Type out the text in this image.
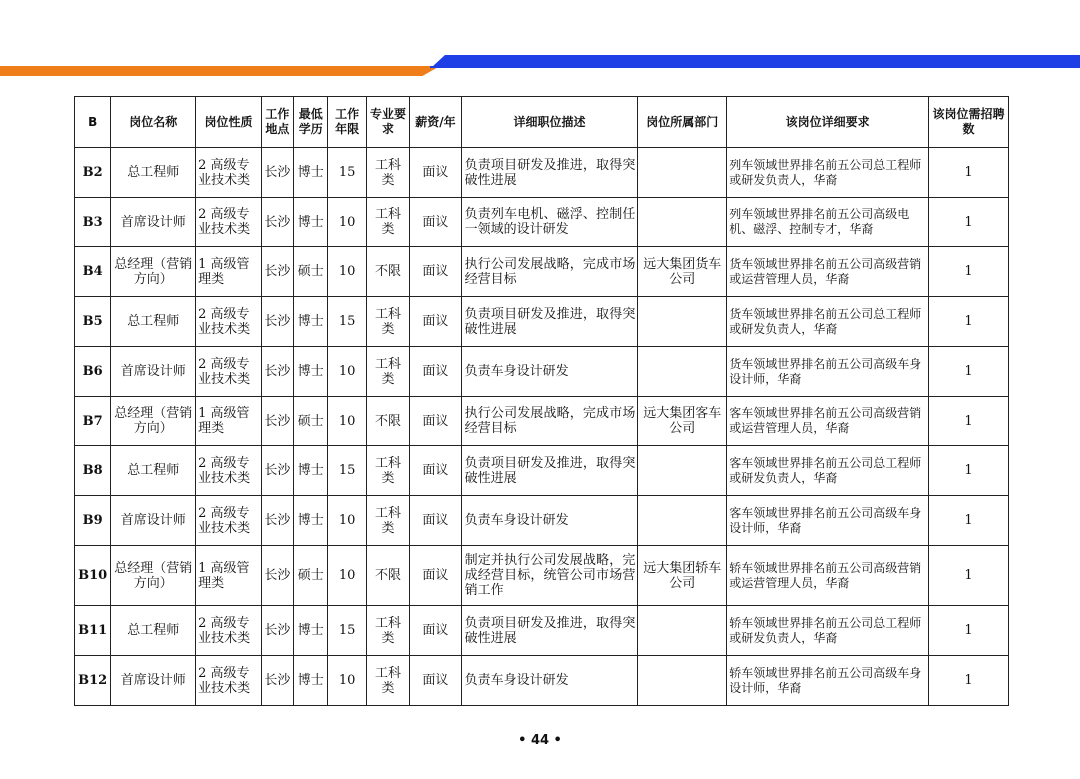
B	岗位名称	岗位性质	工作地点	最低学历	工作年限	专业要求	薪资/年	详细职位描述	岗位所属部门	该岗位详细要求	该岗位需招聘数
B2	总工程师	2 高级专业技术类	长沙	博士	15	工科类	面议	负责项目研发及推进，取得突破性进展		列车领域世界排名前五公司总工程师或研发负责人，华裔	1
B3	首席设计师	2 高级专业技术类	长沙	博士	10	工科类	面议	负责列车电机、磁浮、控制任一领域的设计研发		列车领域世界排名前五公司高级电机、磁浮、控制专才，华裔	1
B4	总经理（营销方向）	1 高级管理类	长沙	硕士	10	不限	面议	执行公司发展战略，完成市场经营目标	远大集团货车公司	货车领域世界排名前五公司高级营销或运营管理人员，华裔	1
B5	总工程师	2 高级专业技术类	长沙	博士	15	工科类	面议	负责项目研发及推进，取得突破性进展		货车领域世界排名前五公司总工程师或研发负责人，华裔	1
B6	首席设计师	2 高级专业技术类	长沙	博士	10	工科类	面议	负责车身设计研发		货车领域世界排名前五公司高级车身设计师，华裔	1
B7	总经理（营销方向）	1 高级管理类	长沙	硕士	10	不限	面议	执行公司发展战略，完成市场经营目标	远大集团客车公司	客车领域世界排名前五公司高级营销或运营管理人员，华裔	1
B8	总工程师	2 高级专业技术类	长沙	博士	15	工科类	面议	负责项目研发及推进，取得突破性进展		客车领域世界排名前五公司总工程师或研发负责人，华裔	1
B9	首席设计师	2 高级专业技术类	长沙	博士	10	工科类	面议	负责车身设计研发		客车领域世界排名前五公司高级车身设计师，华裔	1
B10	总经理（营销方向）	1 高级管理类	长沙	硕士	10	不限	面议	制定并执行公司发展战略，完成经营目标，统管公司市场营销工作	远大集团轿车公司	轿车领域世界排名前五公司高级营销或运营管理人员，华裔	1
B11	总工程师	2 高级专业技术类	长沙	博士	15	工科类	面议	负责项目研发及推进，取得突破性进展		轿车领域世界排名前五公司总工程师或研发负责人，华裔	1
B12	首席设计师	2 高级专业技术类	长沙	博士	10	工科类	面议	负责车身设计研发		轿车领域世界排名前五公司高级车身设计师，华裔	1
• 44 •
